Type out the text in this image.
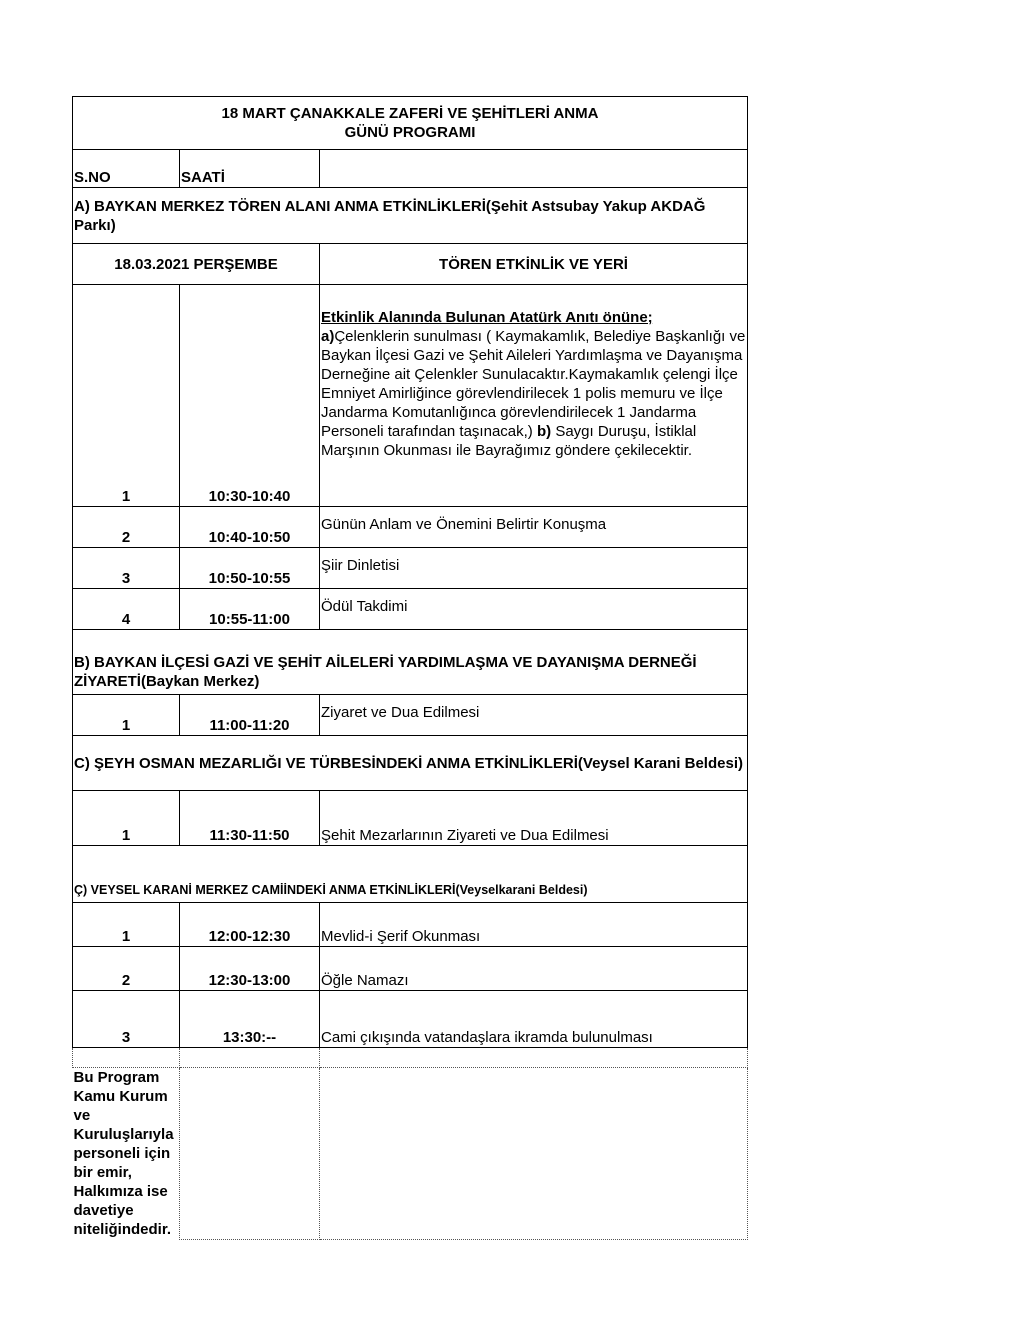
18 MART ÇANAKKALE ZAFERİ VE ŞEHİTLERİ ANMA
GÜNÜ PROGRAMI		

S.NO	SAATİ	
A) BAYKAN MERKEZ TÖREN ALANI ANMA ETKİNLİKLERİ(Şehit Astsubay Yakup AKDAĞ Parkı)		
18.03.2021 PERŞEMBE		TÖREN ETKİNLİK VE YERİ
1	10:30-10:40	Etkinlik Alanında Bulunan Atatürk Anıtı önüne;
a)Çelenklerin sunulması ( Kaymakamlık, Belediye Başkanlığı ve Baykan İlçesi Gazi ve Şehit Aileleri Yardımlaşma ve Dayanışma Derneğine ait Çelenkler Sunulacaktır.Kaymakamlık çelengi İlçe Emniyet Amirliğince görevlendirilecek 1 polis memuru ve İlçe Jandarma Komutanlığınca görevlendirilecek 1 Jandarma Personeli tarafından taşınacak,) b) Saygı Duruşu, İstiklal Marşının Okunması ile Bayrağımız göndere çekilecektir.

2	10:40-10:50	Günün Anlam ve Önemini Belirtir Konuşma
3	10:50-10:55	Şiir Dinletisi
4	10:55-11:00	Ödül Takdimi
B) BAYKAN İLÇESİ GAZİ VE ŞEHİT AİLELERİ YARDIMLAŞMA VE DAYANIŞMA DERNEĞİ ZİYARETİ(Baykan Merkez)		
1	11:00-11:20	Ziyaret ve Dua Edilmesi
C) ŞEYH OSMAN MEZARLIĞI VE TÜRBESİNDEKİ ANMA ETKİNLİKLERİ(Veysel Karani Beldesi)		
1	11:30-11:50	Şehit Mezarlarının Ziyareti ve Dua Edilmesi
Ç) VEYSEL KARANİ MERKEZ CAMİİNDEKİ ANMA ETKİNLİKLERİ(Veyselkarani Beldesi)		
1	12:00-12:30	Mevlid-i Şerif Okunması
2	12:30-13:00	Öğle Namazı
3	13:30:--	Cami çıkışında vatandaşlara ikramda bulunulması

Bu Program Kamu Kurum ve Kuruluşlarıyla personeli için bir emir, Halkımıza ise davetiye niteliğindedir.		
